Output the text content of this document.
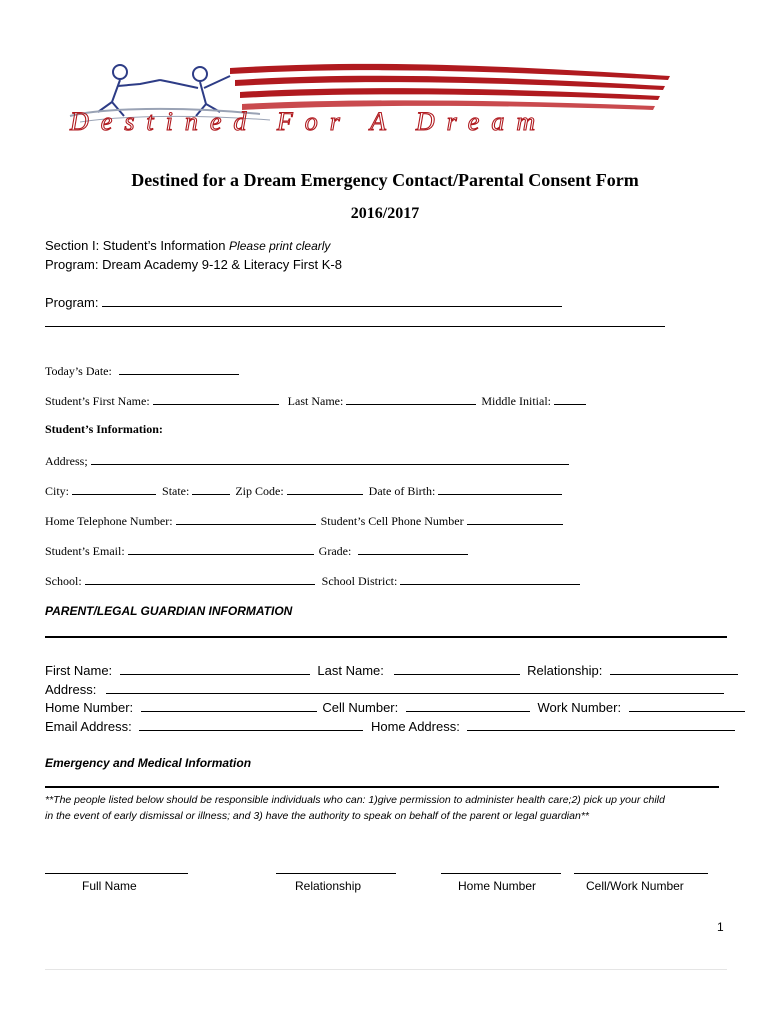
Destined For A Dream
Destined for a Dream Emergency Contact/Parental Consent Form
2016/2017
Section I: Student’s Information Please print clearly
Program: Dream Academy 9-12 & Literacy First K-8
Program:
Today’s Date:
Student’s First Name:	Last Name:	Middle Initial:
Student’s Information:
Address;
City:	State:	Zip Code:	Date of Birth:
Home Telephone Number:	Student’s Cell Phone Number
Student’s Email:	Grade:
School:	School District:
PARENT/LEGAL GUARDIAN INFORMATION
First Name:	Last Name:	Relationship:
Address:
Home Number:	Cell Number:	Work Number:
Email Address:	Home Address:
Emergency and Medical Information
**The people listed below should be responsible individuals who can: 1)give permission to administer health care;2) pick up your child
in the event of early dismissal or illness; and 3) have the authority to speak on behalf of the parent or legal guardian**
Full Name	Relationship	Home Number	Cell/Work Number
1
